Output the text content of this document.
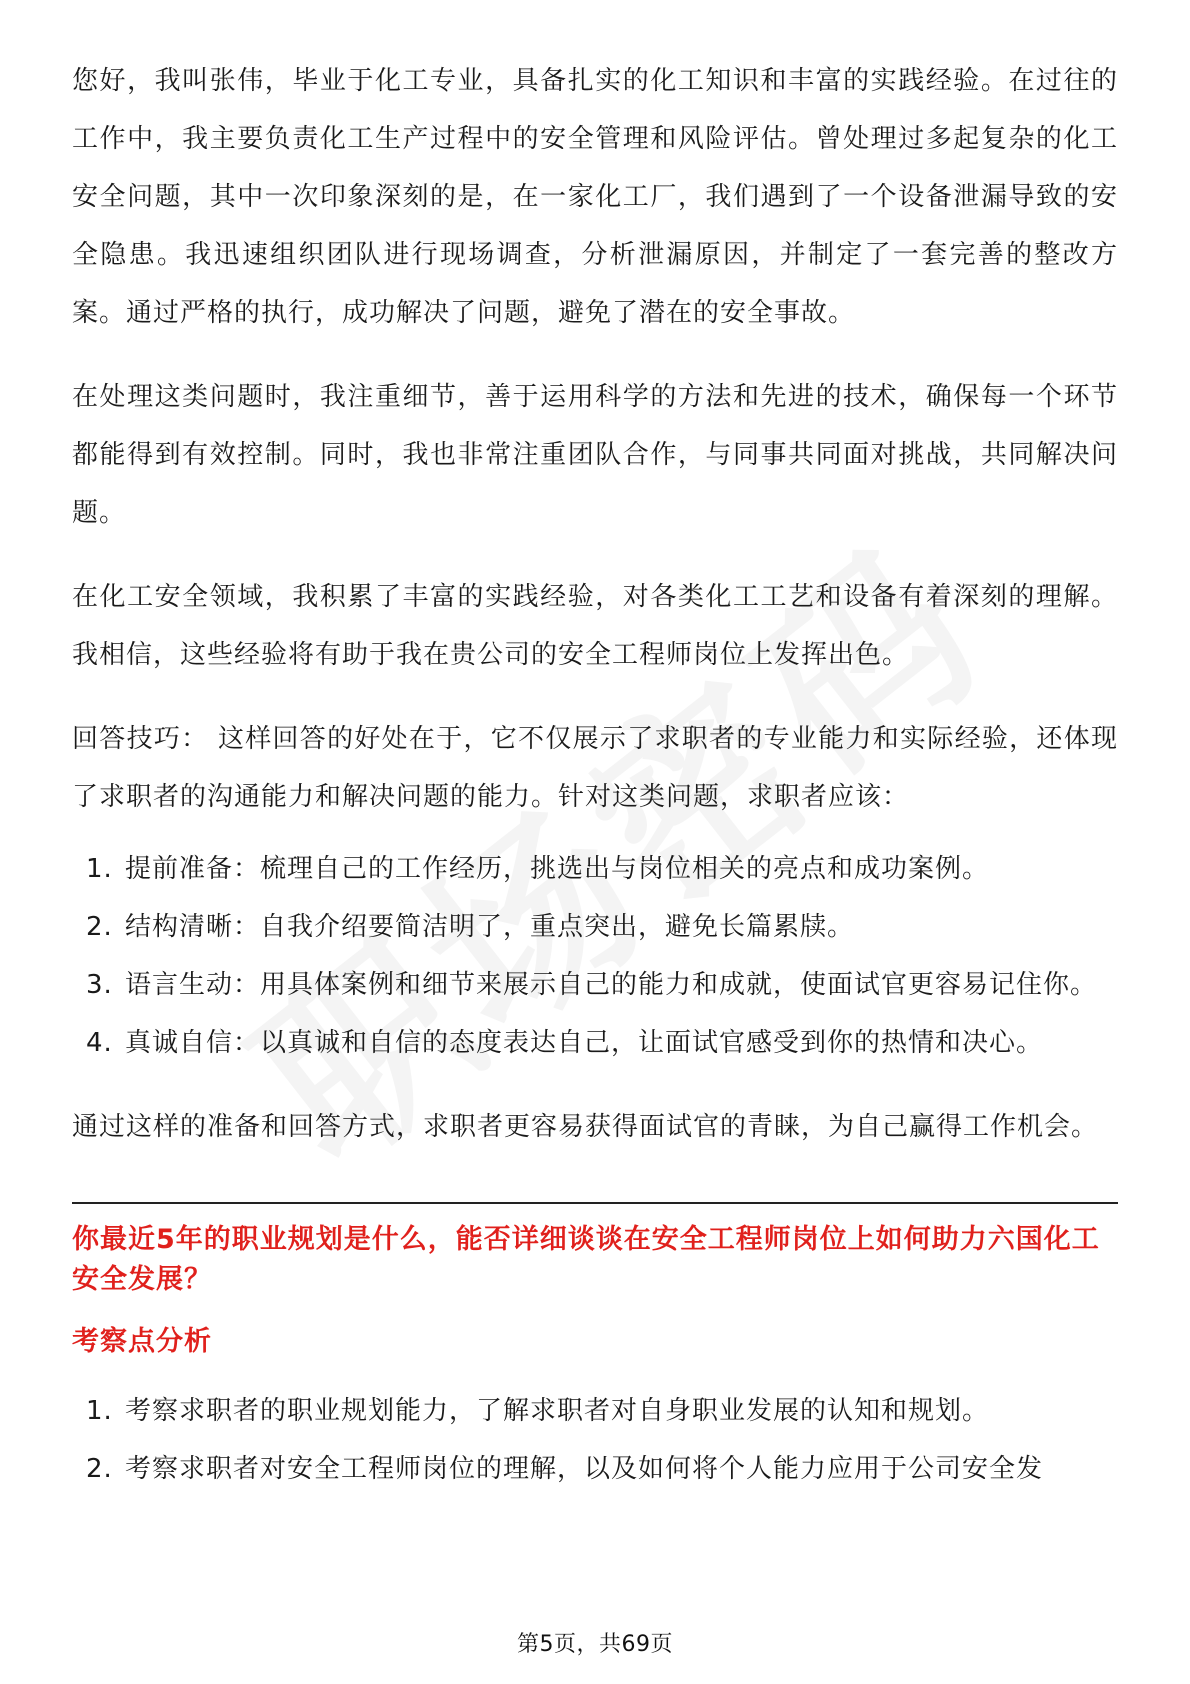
您好，我叫张伟，毕业于化工专业，具备扎实的化工知识和丰富的实践经验。在过往的工作中，我主要负责化工生产过程中的安全管理和风险评估。曾处理过多起复杂的化工安全问题，其中一次印象深刻的是，在一家化工厂，我们遇到了一个设备泄漏导致的安全隐患。我迅速组织团队进行现场调查，分析泄漏原因，并制定了一套完善的整改方案。通过严格的执行，成功解决了问题，避免了潜在的安全事故。

在处理这类问题时，我注重细节，善于运用科学的方法和先进的技术，确保每一个环节都能得到有效控制。同时，我也非常注重团队合作，与同事共同面对挑战，共同解决问题。

在化工安全领域，我积累了丰富的实践经验，对各类化工工艺和设备有着深刻的理解。我相信，这些经验将有助于我在贵公司的安全工程师岗位上发挥出色。

回答技巧： 这样回答的好处在于，它不仅展示了求职者的专业能力和实际经验，还体现了求职者的沟通能力和解决问题的能力。针对这类问题，求职者应该：

1. 提前准备：梳理自己的工作经历，挑选出与岗位相关的亮点和成功案例。
2. 结构清晰：自我介绍要简洁明了，重点突出，避免长篇累牍。
3. 语言生动：用具体案例和细节来展示自己的能力和成就，使面试官更容易记住你。
4. 真诚自信：以真诚和自信的态度表达自己，让面试官感受到你的热情和决心。

通过这样的准备和回答方式，求职者更容易获得面试官的青睐，为自己赢得工作机会。

你最近5年的职业规划是什么，能否详细谈谈在安全工程师岗位上如何助力六国化工安全发展？
考察点分析
1. 考察求职者的职业规划能力，了解求职者对自身职业发展的认知和规划。
2. 考察求职者对安全工程师岗位的理解，以及如何将个人能力应用于公司安全发
第5页，共69页
